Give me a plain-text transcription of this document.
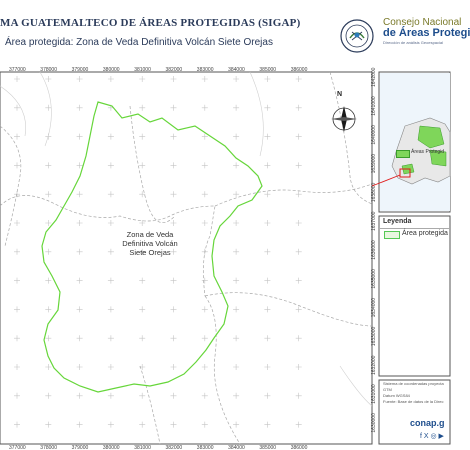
MA GUATEMALTECO DE ÁREAS PROTEGIDAS (SIGAP)
Área protegida: Zona de Veda Definitiva Volcán Siete Orejas
Consejo Nacional
de Áreas Protegi
Dirección de análisis Geoespacial
377000
377000
378000
378000
379000
379000
380000
380000
381000
381000
382000
382000
383000
383000
384000
384000
385000
385000
386000
386000
1642000
1641000
1640000
1639000
1638000
1637000
1636000
1635000
1634000
1633000
1632000
1631000
1630000
Áreas Protegid
N
Zona de Veda
Definitiva Volcán
Siete Orejas
Leyenda
Área protegida
Sistema de coordenadas proyecta
GTM
Datum WGS84
Fuente: Base de datos de la Direc
conap.g
f X ◎ ▶
